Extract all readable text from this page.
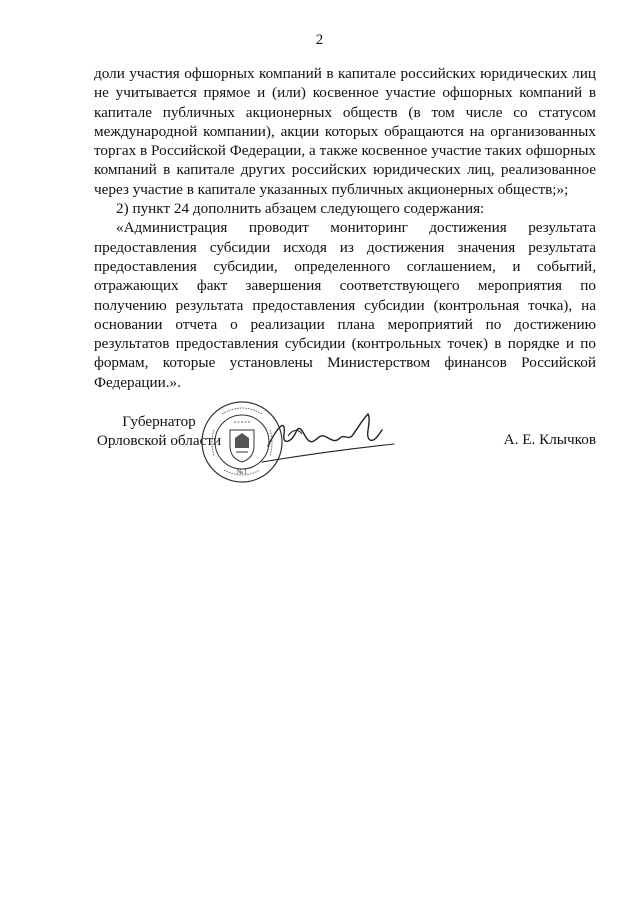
2

доли участия офшорных компаний в капитале российских юридических лиц не учитывается прямое и (или) косвенное участие офшорных компаний в капитале публичных акционерных обществ (в том числе со статусом международной компании), акции которых обращаются на организованных торгах в Российской Федерации, а также косвенное участие таких офшорных компаний в капитале других российских юридических лиц, реализованное через участие в капитале указанных публичных акционерных обществ;»;

2) пункт 24 дополнить абзацем следующего содержания:

«Администрация проводит мониторинг достижения результата предоставления субсидии исходя из достижения значения результата предоставления субсидии, определенного соглашением, и событий, отражающих факт завершения соответствующего мероприятия по получению результата предоставления субсидии (контрольная точка), на основании отчета о реализации плана мероприятий по достижению результатов предоставления субсидии (контрольных точек) в порядке и по формам, которые установлены Министерством финансов Российской Федерации.».

Губернатор
Орловской области
№1
А. Е. Клычков
